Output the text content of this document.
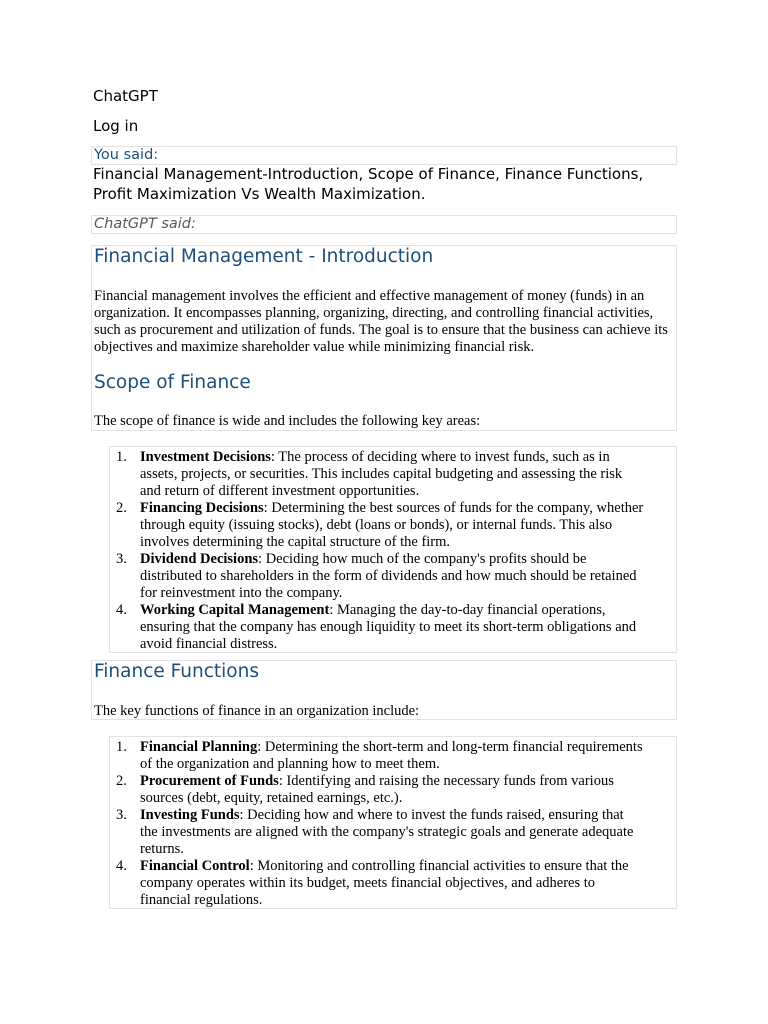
ChatGPT
Log in
You said:
Financial Management-Introduction, Scope of Finance, Finance Functions, Profit Maximization Vs Wealth Maximization.
ChatGPT said:
Financial Management - Introduction

Financial management involves the efficient and effective management of money (funds) in an organization. It encompasses planning, organizing, directing, and controlling financial activities, such as procurement and utilization of funds. The goal is to ensure that the business can achieve its objectives and maximize shareholder value while minimizing financial risk.

Scope of Finance

The scope of finance is wide and includes the following key areas:

1. Investment Decisions: The process of deciding where to invest funds, such as in assets, projects, or securities. This includes capital budgeting and assessing the risk and return of different investment opportunities.
2. Financing Decisions: Determining the best sources of funds for the company, whether through equity (issuing stocks), debt (loans or bonds), or internal funds. This also involves determining the capital structure of the firm.
3. Dividend Decisions: Deciding how much of the company's profits should be distributed to shareholders in the form of dividends and how much should be retained for reinvestment into the company.
4. Working Capital Management: Managing the day-to-day financial operations, ensuring that the company has enough liquidity to meet its short-term obligations and avoid financial distress.
Finance Functions

The key functions of finance in an organization include:

1. Financial Planning: Determining the short-term and long-term financial requirements of the organization and planning how to meet them.
2. Procurement of Funds: Identifying and raising the necessary funds from various sources (debt, equity, retained earnings, etc.).
3. Investing Funds: Deciding how and where to invest the funds raised, ensuring that the investments are aligned with the company's strategic goals and generate adequate returns.
4. Financial Control: Monitoring and controlling financial activities to ensure that the company operates within its budget, meets financial objectives, and adheres to financial regulations.
